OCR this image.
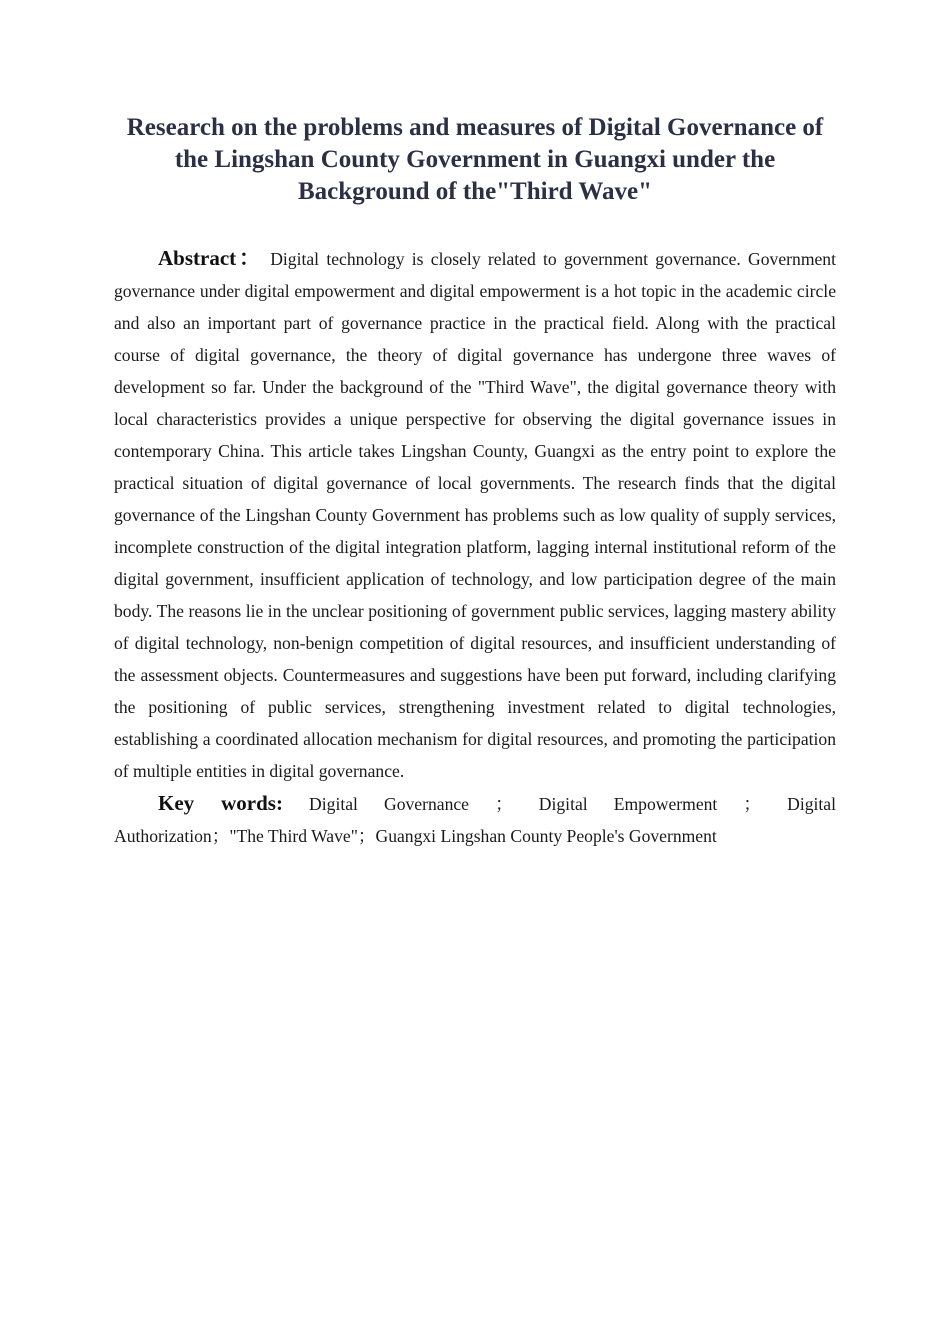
Research on the problems and measures of Digital Governance of the Lingshan County Government in Guangxi under the Background of the"Third Wave"

Abstract： Digital technology is closely related to government governance. Government governance under digital empowerment and digital empowerment is a hot topic in the academic circle and also an important part of governance practice in the practical field. Along with the practical course of digital governance, the theory of digital governance has undergone three waves of development so far. Under the background of the "Third Wave", the digital governance theory with local characteristics provides a unique perspective for observing the digital governance issues in contemporary China. This article takes Lingshan County, Guangxi as the entry point to explore the practical situation of digital governance of local governments. The research finds that the digital governance of the Lingshan County Government has problems such as low quality of supply services, incomplete construction of the digital integration platform, lagging internal institutional reform of the digital government, insufficient application of technology, and low participation degree of the main body. The reasons lie in the unclear positioning of government public services, lagging mastery ability of digital technology, non-benign competition of digital resources, and insufficient understanding of the assessment objects. Countermeasures and suggestions have been put forward, including clarifying the positioning of public services, strengthening investment related to digital technologies, establishing a coordinated allocation mechanism for digital resources, and promoting the participation of multiple entities in digital governance.

Key words: Digital Governance ； Digital Empowerment ； Digital

Authorization；"The Third Wave"；Guangxi Lingshan County People's Government
